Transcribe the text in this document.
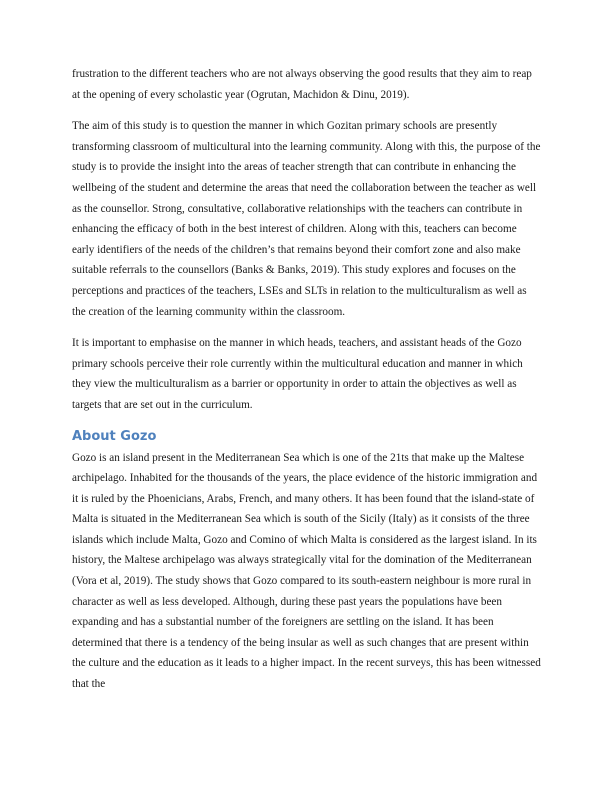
frustration to the different teachers who are not always observing the good results that they aim to reap at the opening of every scholastic year (Ogrutan, Machidon & Dinu, 2019).

The aim of this study is to question the manner in which Gozitan primary schools are presently transforming classroom of multicultural into the learning community. Along with this, the purpose of the study is to provide the insight into the areas of teacher strength that can contribute in enhancing the wellbeing of the student and determine the areas that need the collaboration between the teacher as well as the counsellor. Strong, consultative, collaborative relationships with the teachers can contribute in enhancing the efficacy of both in the best interest of children. Along with this, teachers can become early identifiers of the needs of the children’s that remains beyond their comfort zone and also make suitable referrals to the counsellors (Banks & Banks, 2019). This study explores and focuses on the perceptions and practices of the teachers, LSEs and SLTs in relation to the multiculturalism as well as the creation of the learning community within the classroom.

It is important to emphasise on the manner in which heads, teachers, and assistant heads of the Gozo primary schools perceive their role currently within the multicultural education and manner in which they view the multiculturalism as a barrier or opportunity in order to attain the objectives as well as targets that are set out in the curriculum.

About Gozo

Gozo is an island present in the Mediterranean Sea which is one of the 21ts that make up the Maltese archipelago. Inhabited for the thousands of the years, the place evidence of the historic immigration and it is ruled by the Phoenicians, Arabs, French, and many others. It has been found that the island-state of Malta is situated in the Mediterranean Sea which is south of the Sicily (Italy) as it consists of the three islands which include Malta, Gozo and Comino of which Malta is considered as the largest island. In its history, the Maltese archipelago was always strategically vital for the domination of the Mediterranean (Vora et al, 2019). The study shows that Gozo compared to its south-eastern neighbour is more rural in character as well as less developed. Although, during these past years the populations have been expanding and has a substantial number of the foreigners are settling on the island. It has been determined that there is a tendency of the being insular as well as such changes that are present within the culture and the education as it leads to a higher impact. In the recent surveys, this has been witnessed that the
